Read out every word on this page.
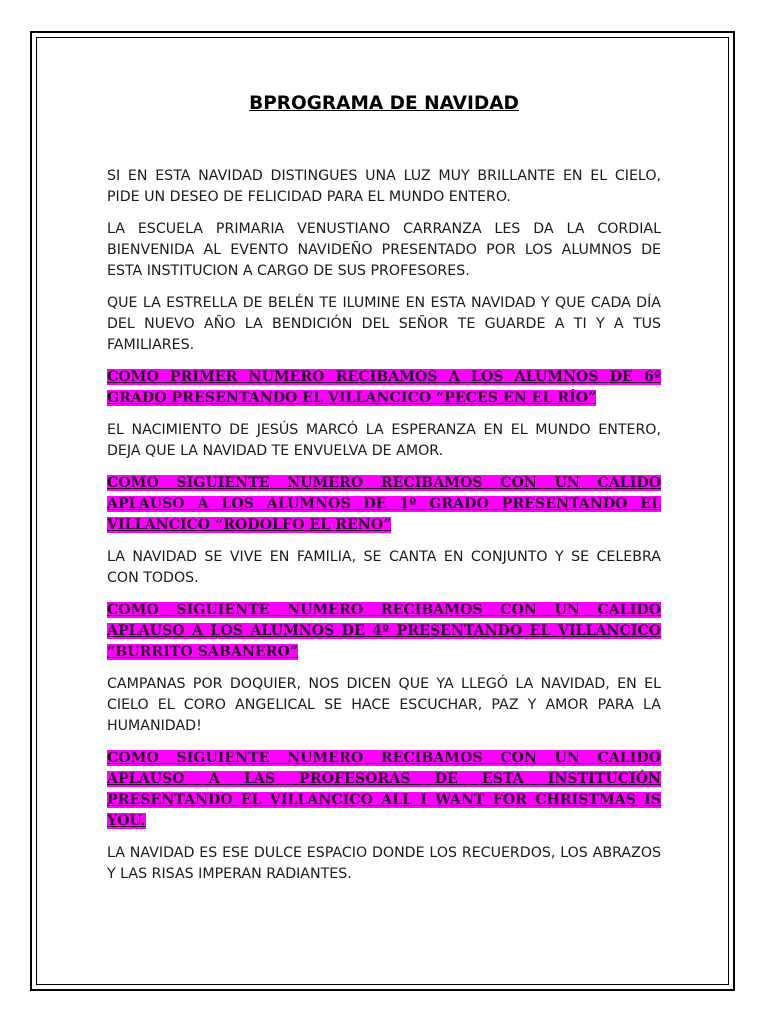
BPROGRAMA DE NAVIDAD

SI EN ESTA NAVIDAD DISTINGUES UNA LUZ MUY BRILLANTE EN EL CIELO, PIDE UN DESEO DE FELICIDAD PARA EL MUNDO ENTERO.

LA ESCUELA PRIMARIA VENUSTIANO CARRANZA LES DA LA CORDIAL BIENVENIDA AL EVENTO NAVIDEÑO PRESENTADO POR LOS ALUMNOS DE ESTA INSTITUCION A CARGO DE SUS PROFESORES.

QUE LA ESTRELLA DE BELÉN TE ILUMINE EN ESTA NAVIDAD Y QUE CADA DÍA DEL NUEVO AÑO LA BENDICIÓN DEL SEÑOR TE GUARDE A TI Y A TUS FAMILIARES.

COMO PRIMER NUMERO RECIBAMOS A LOS ALUMNOS DE 6º GRADO PRESENTANDO EL VILLANCICO “PECES EN EL RÍO”

EL NACIMIENTO DE JESÚS MARCÓ LA ESPERANZA EN EL MUNDO ENTERO, DEJA QUE LA NAVIDAD TE ENVUELVA DE AMOR.

COMO SIGUIENTE NUMERO RECIBAMOS CON UN CALIDO APLAUSO A LOS ALUMNOS DE 1º GRADO PRESENTANDO EL VILLANCICO “RODOLFO EL RENO”

LA NAVIDAD SE VIVE EN FAMILIA, SE CANTA EN CONJUNTO Y SE CELEBRA CON TODOS.

COMO SIGUIENTE NUMERO RECIBAMOS CON UN CALIDO APLAUSO A LOS ALUMNOS DE 4º PRESENTANDO EL VILLANCICO “BURRITO SABANERO”

CAMPANAS POR DOQUIER, NOS DICEN QUE YA LLEGÓ LA NAVIDAD, EN EL CIELO EL CORO ANGELICAL SE HACE ESCUCHAR, PAZ Y AMOR PARA LA HUMANIDAD!

COMO SIGUIENTE NUMERO RECIBAMOS CON UN CALIDO APLAUSO A LAS PROFESORAS DE ESTA INSTITUCIÓN PRESENTANDO EL VILLANCICO ALL I WANT FOR CHRISTMAS IS YOU.

LA NAVIDAD ES ESE DULCE ESPACIO DONDE LOS RECUERDOS, LOS ABRAZOS Y LAS RISAS IMPERAN RADIANTES.
